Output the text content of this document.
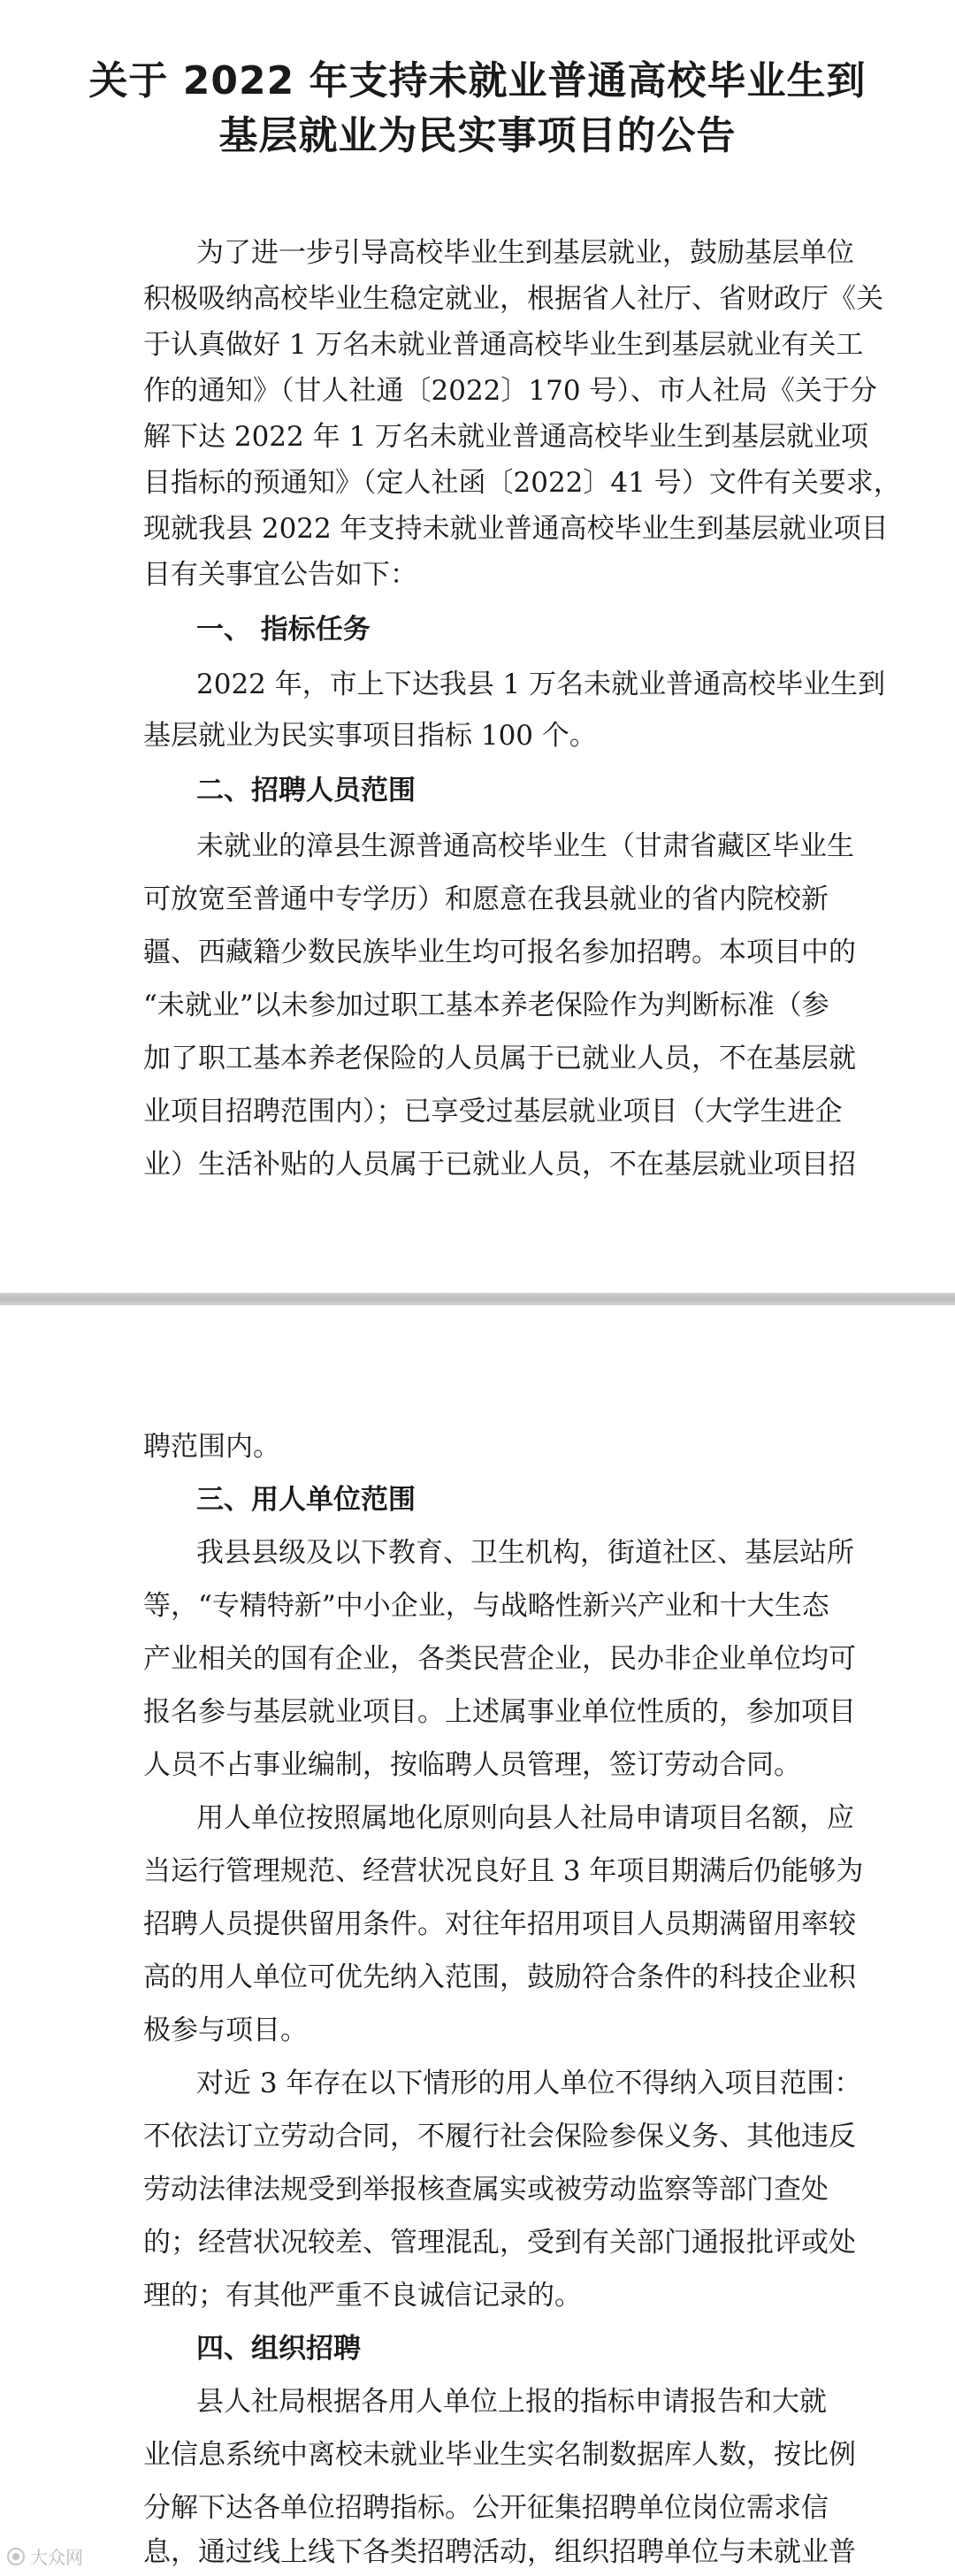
关于 2022 年支持未就业普通高校毕业生到
基层就业为民实事项目的公告
为了进一步引导高校毕业生到基层就业，鼓励基层单位
积极吸纳高校毕业生稳定就业，根据省人社厅、省财政厅《关
于认真做好 1 万名未就业普通高校毕业生到基层就业有关工
作的通知》（甘人社通〔2022〕170 号）、市人社局《关于分
解下达 2022 年 1 万名未就业普通高校毕业生到基层就业项
目指标的预通知》（定人社函〔2022〕41 号）文件有关要求，
现就我县 2022 年支持未就业普通高校毕业生到基层就业项目
目有关事宜公告如下：
一、 指标任务
2022 年，市上下达我县 1 万名未就业普通高校毕业生到
基层就业为民实事项目指标 100 个。
二、招聘人员范围
未就业的漳县生源普通高校毕业生（甘肃省藏区毕业生
可放宽至普通中专学历）和愿意在我县就业的省内院校新
疆、西藏籍少数民族毕业生均可报名参加招聘。本项目中的
“未就业”以未参加过职工基本养老保险作为判断标准（参
加了职工基本养老保险的人员属于已就业人员，不在基层就
业项目招聘范围内）；已享受过基层就业项目（大学生进企
业）生活补贴的人员属于已就业人员，不在基层就业项目招
聘范围内。
三、用人单位范围
我县县级及以下教育、卫生机构，街道社区、基层站所
等，“专精特新”中小企业，与战略性新兴产业和十大生态
产业相关的国有企业，各类民营企业，民办非企业单位均可
报名参与基层就业项目。上述属事业单位性质的，参加项目
人员不占事业编制，按临聘人员管理，签订劳动合同。
用人单位按照属地化原则向县人社局申请项目名额，应
当运行管理规范、经营状况良好且 3 年项目期满后仍能够为
招聘人员提供留用条件。对往年招用项目人员期满留用率较
高的用人单位可优先纳入范围，鼓励符合条件的科技企业积
极参与项目。
对近 3 年存在以下情形的用人单位不得纳入项目范围：
不依法订立劳动合同，不履行社会保险参保义务、其他违反
劳动法律法规受到举报核查属实或被劳动监察等部门查处
的；经营状况较差、管理混乱，受到有关部门通报批评或处
理的；有其他严重不良诚信记录的。
四、组织招聘
县人社局根据各用人单位上报的指标申请报告和大就
业信息系统中离校未就业毕业生实名制数据库人数，按比例
分解下达各单位招聘指标。公开征集招聘单位岗位需求信
息，通过线上线下各类招聘活动，组织招聘单位与未就业普
大众网
